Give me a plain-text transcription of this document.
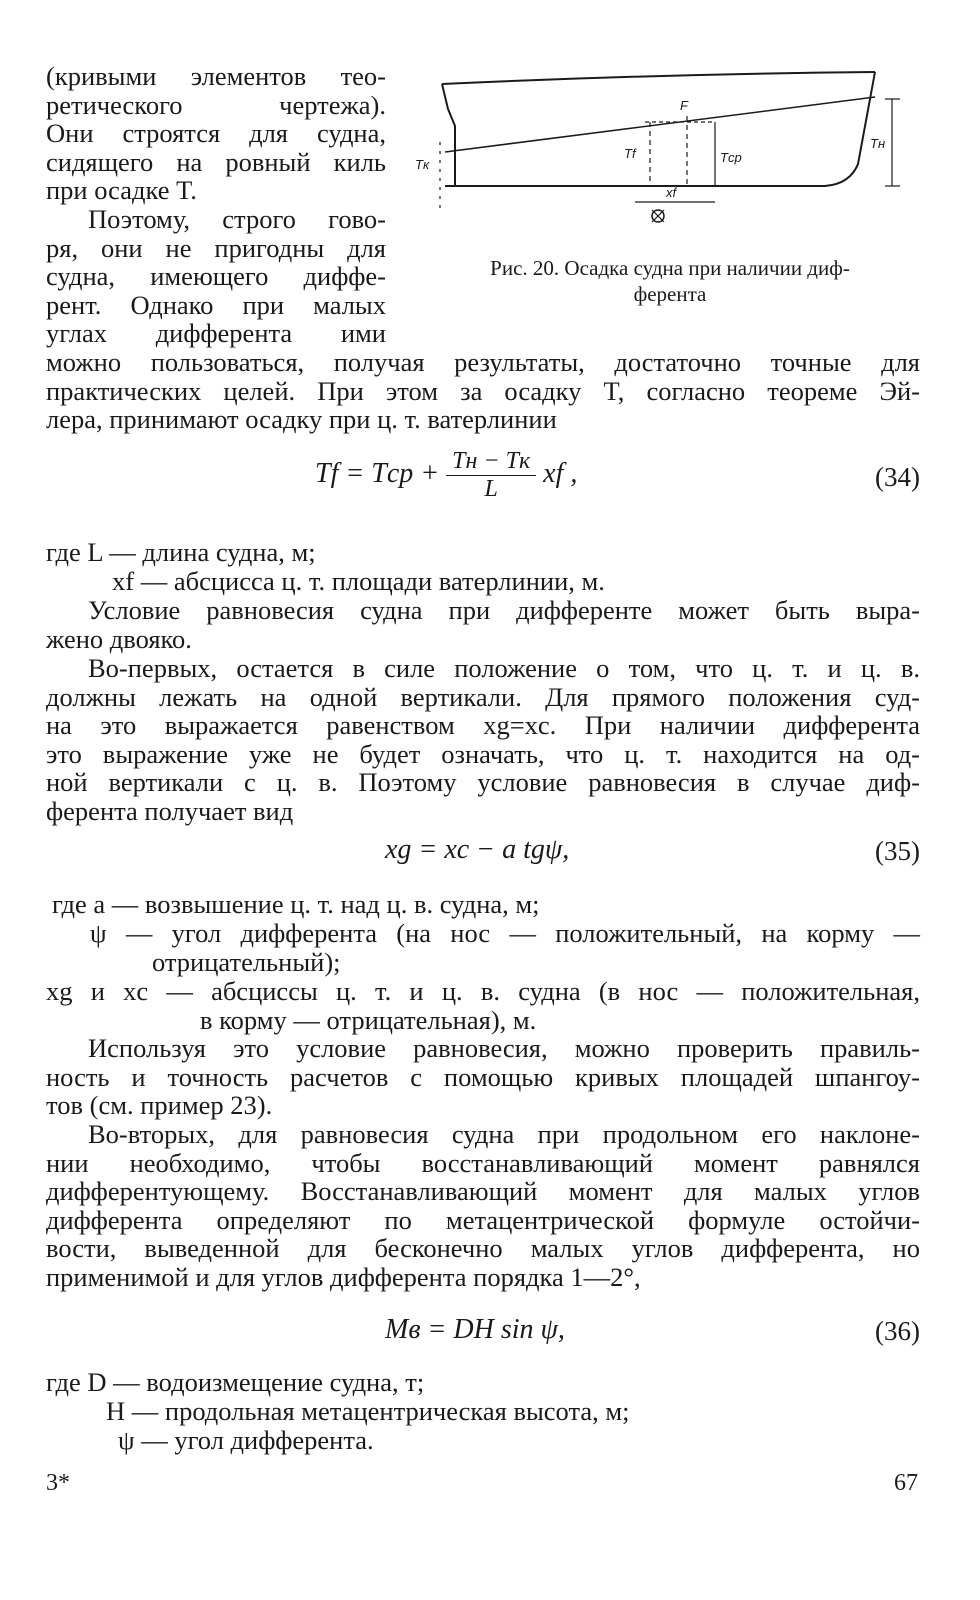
(кривыми элементов тео-
ретического чертежа).
Они строятся для судна,
сидящего на ровный киль
при осадке T.
Поэтому, строго гово-
ря, они не пригодны для
судна, имеющего диффе-
рент. Однако при малых
углах дифферента ими
F
Tf	Tср
Tн
Tк
xf
Рис. 20. Осадка судна при наличии диф-
ферента
можно пользоваться, получая результаты, достаточно точные для
практических целей. При этом за осадку T, согласно теореме Эй-
лера, принимают осадку при ц. т. ватерлинии
Tf = Tср + $\frac{Tн - Tк}{L}$ xf ,	(34)
где L — длина судна, м;
xf — абсцисса ц. т. площади ватерлинии, м.
Условие равновесия судна при дифференте может быть выра-
жено двояко.
Во-первых, остается в силе положение о том, что ц. т. и ц. в.
должны лежать на одной вертикали. Для прямого положения суд-
на это выражается равенством xg=xc. При наличии дифферента
это выражение уже не будет означать, что ц. т. находится на од-
ной вертикали с ц. в. Поэтому условие равновесия в случае диф-
ферента получает вид
xg = xc − a tgψ,	(35)
где a — возвышение ц. т. над ц. в. судна, м;
ψ — угол дифферента (на нос — положительный, на корму —
отрицательный);
xg и xc — абсциссы ц. т. и ц. в. судна (в нос — положительная,
в корму — отрицательная), м.
Используя это условие равновесия, можно проверить правиль-
ность и точность расчетов с помощью кривых площадей шпангоу-
тов (см. пример 23).
Во-вторых, для равновесия судна при продольном его наклоне-
нии необходимо, чтобы восстанавливающий момент равнялся
дифферентующему. Восстанавливающий момент для малых углов
дифферента определяют по метацентрической формуле остойчи-
вости, выведенной для бесконечно малых углов дифферента, но
применимой и для углов дифферента порядка 1—2°,
Mв = DH sin ψ,	(36)
где D — водоизмещение судна, т;
H — продольная метацентрическая высота, м;
ψ — угол дифферента.
3*	67
